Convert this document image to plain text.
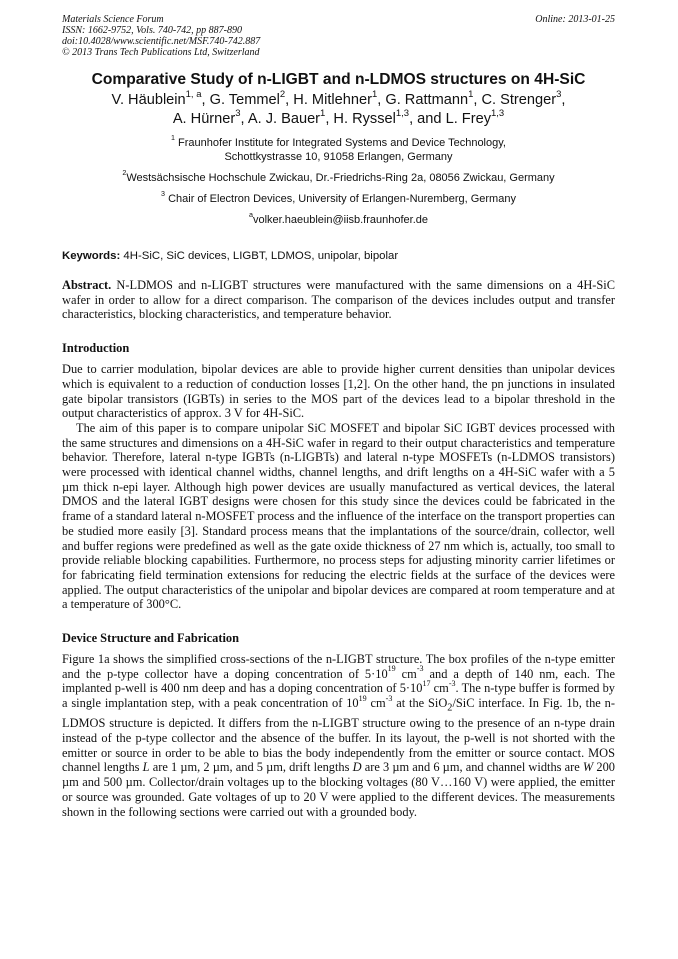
Materials Science Forum
ISSN: 1662-9752, Vols. 740-742, pp 887-890
doi:10.4028/www.scientific.net/MSF.740-742.887
© 2013 Trans Tech Publications Ltd, Switzerland
Online: 2013-01-25
Comparative Study of n-LIGBT and n-LDMOS structures on 4H-SiC
V. Häublein$^{1, a}$, G. Temmel$^2$, H. Mitlehner$^1$, G. Rattmann$^1$, C. Strenger$^3$,
A. Hürner$^3$, A. J. Bauer$^1$, H. Ryssel$^{1,3}$, and L. Frey$^{1,3}$
$^1$ Fraunhofer Institute for Integrated Systems and Device Technology,
Schottkystrasse 10, 91058 Erlangen, Germany
$^2$Westsächsische Hochschule Zwickau, Dr.-Friedrichs-Ring 2a, 08056 Zwickau, Germany
$^3$ Chair of Electron Devices, University of Erlangen-Nuremberg, Germany
$^a$volker.haeublein@iisb.fraunhofer.de
Keywords: 4H-SiC, SiC devices, LIGBT, LDMOS, unipolar, bipolar

Abstract. N-LDMOS and n-LIGBT structures were manufactured with the same dimensions on a 4H-SiC wafer in order to allow for a direct comparison. The comparison of the devices includes output and transfer characteristics, blocking characteristics, and temperature behavior.

Introduction

Due to carrier modulation, bipolar devices are able to provide higher current densities than unipolar devices which is equivalent to a reduction of conduction losses [1,2]. On the other hand, the pn junctions in insulated gate bipolar transistors (IGBTs) in series to the MOS part of the devices lead to a bipolar threshold in the output characteristics of approx. 3 V for 4H-SiC.

The aim of this paper is to compare unipolar SiC MOSFET and bipolar SiC IGBT devices processed with the same structures and dimensions on a 4H-SiC wafer in regard to their output characteristics and temperature behavior. Therefore, lateral n-type IGBTs (n-LIGBTs) and lateral n-type MOSFETs (n-LDMOS transistors) were processed with identical channel widths, channel lengths, and drift lengths on a 4H-SiC wafer with a 5 µm thick n-epi layer. Although high power devices are usually manufactured as vertical devices, the lateral DMOS and the lateral IGBT designs were chosen for this study since the devices could be fabricated in the frame of a standard lateral n-MOSFET process and the influence of the interface on the transport properties can be studied more easily [3]. Standard process means that the implantations of the source/drain, collector, well and buffer regions were predefined as well as the gate oxide thickness of 27 nm which is, actually, too small to provide reliable blocking capabilities. Furthermore, no process steps for adjusting minority carrier lifetimes or for fabricating field termination extensions for reducing the electric fields at the surface of the devices were applied. The output characteristics of the unipolar and bipolar devices are compared at room temperature and at a temperature of 300°C.

Device Structure and Fabrication

Figure 1a shows the simplified cross-sections of the n-LIGBT structure. The box profiles of the n-type emitter and the p-type collector have a doping concentration of $5\cdot 10^{19}$ $cm^{-3}$ and a depth of 140 nm, each. The implanted p-well is 400 nm deep and has a doping concentration of $5\cdot 10^{17}$ $cm^{-3}$. The n-type buffer is formed by a single implantation step, with a peak concentration of $10^{19}$ $cm^{-3}$ at the SiO$_2$/SiC interface. In Fig. 1b, the n-LDMOS structure is depicted. It differs from the n-LIGBT structure owing to the presence of an n-type drain instead of the p-type collector and the absence of the buffer. In its layout, the p-well is not shorted with the emitter or source in order to be able to bias the body independently from the emitter or source contact. MOS channel lengths L are 1 µm, 2 µm, and 5 µm, drift lengths D are 3 µm and 6 µm, and channel widths are W 200 µm and 500 µm. Collector/drain voltages up to the blocking voltages (80 V…160 V) were applied, the emitter or source was grounded. Gate voltages of up to 20 V were applied to the different devices. The measurements shown in the following sections were carried out with a grounded body.
